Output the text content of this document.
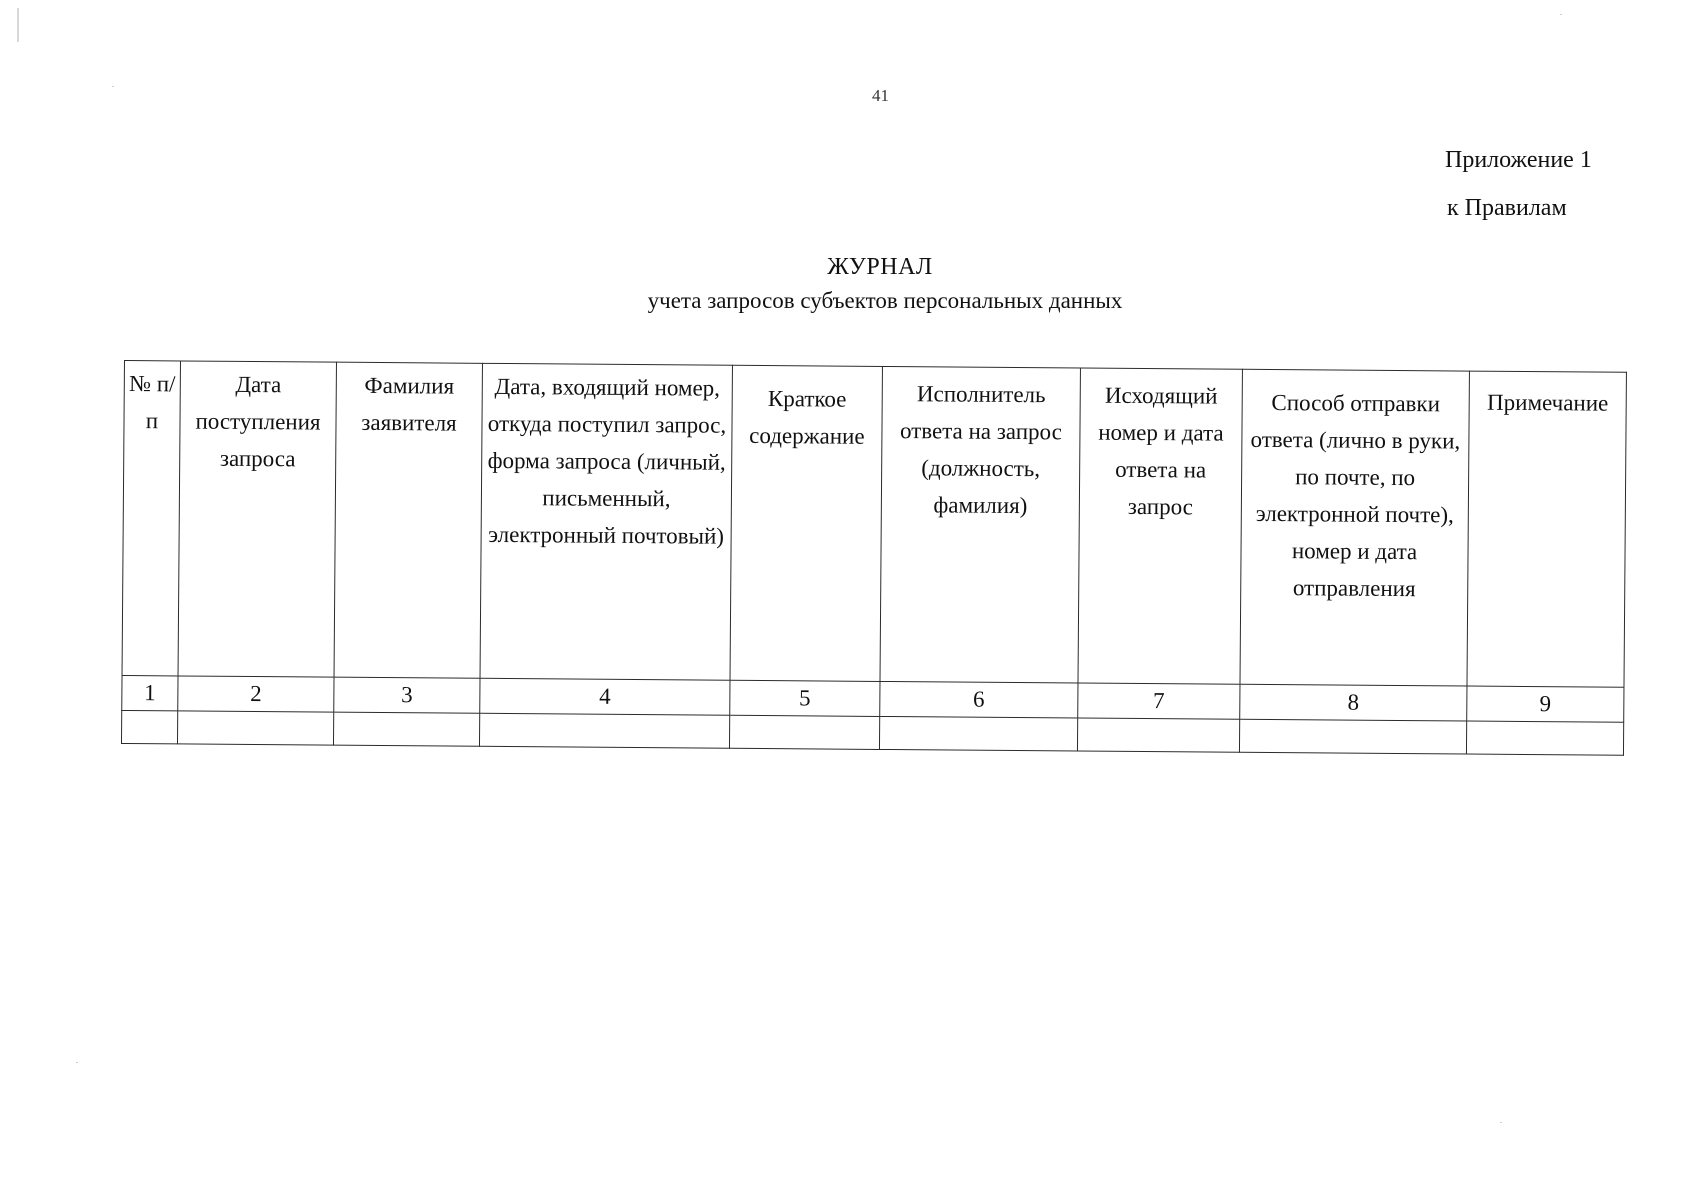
41
Приложение 1
к Правилам
ЖУРНАЛ
учета запросов субъектов персональных данных
№ п/п	Дата поступления запроса	Фамилия заявителя	Дата, входящий номер, откуда поступил запрос, форма запроса (личный, письменный, электронный почтовый)	Краткое содержание	Исполнитель ответа на запрос (должность, фамилия)	Исходящий номер и дата ответа на запрос	Способ отправки ответа (лично в руки, по почте, по электронной почте), номер и дата отправления	Примечание

1	2	3	4	5	6	7	8	9
